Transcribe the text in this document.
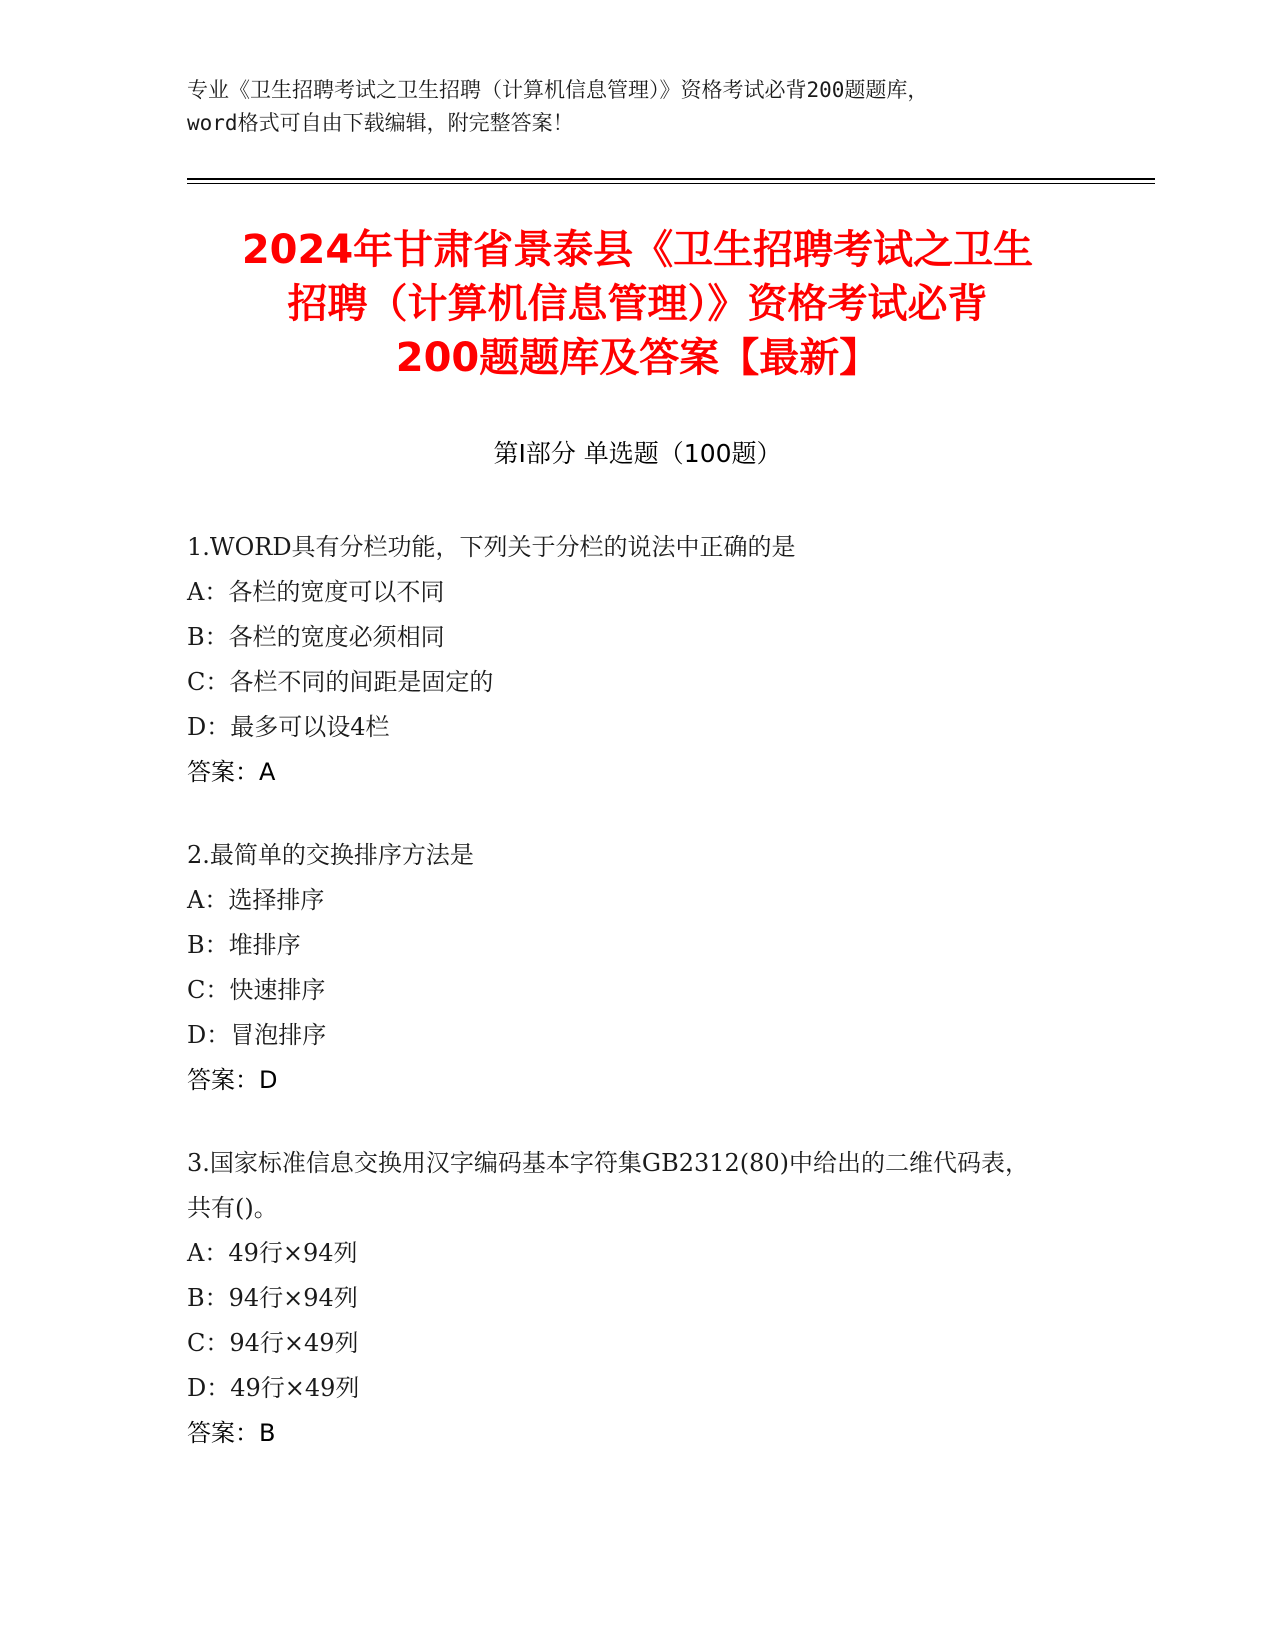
专业《卫生招聘考试之卫生招聘（计算机信息管理）》资格考试必背200题题库，
word格式可自由下载编辑，附完整答案！
2024年甘肃省景泰县《卫生招聘考试之卫生
招聘（计算机信息管理）》资格考试必背
200题题库及答案【最新】
第Ⅰ部分 单选题（100题）
1.WORD具有分栏功能，下列关于分栏的说法中正确的是
A：各栏的宽度可以不同
B：各栏的宽度必须相同
C：各栏不同的间距是固定的
D：最多可以设4栏
答案：A
2.最简单的交换排序方法是
A：选择排序
B：堆排序
C：快速排序
D：冒泡排序
答案：D
3.国家标准信息交换用汉字编码基本字符集GB2312(80)中给出的二维代码表，共有()。
A：49行×94列
B：94行×94列
C：94行×49列
D：49行×49列
答案：B
